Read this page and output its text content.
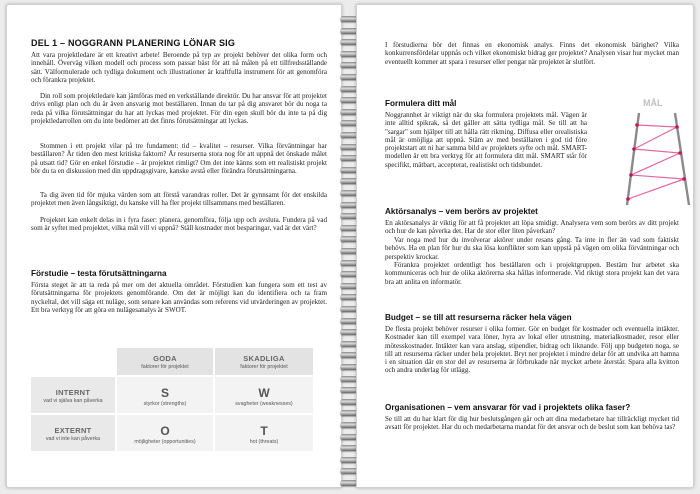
DEL 1 – NOGGRANN PLANERING LÖNAR SIG

Att vara projektledare är ett kreativt arbete! Beroende på typ av projekt behöver det olika form och innehåll. Överväg vilken modell och process som passar bäst för att nå målen på ett tillfredsställande sätt. Välformulerade och tydliga dokument och illustrationer är kraftfulla instrument för att genomföra och förankra projektet.

Din roll som projektledare kan jämföras med en verkställande direktör. Du har ansvar för att projektet drivs enligt plan och du är även ansvarig mot beställaren. Innan du tar på dig ansvaret bör du noga ta reda på vilka förutsättningar du har att lyckas med projektet. För din egen skull bör du inte ta på dig projektledarrollen om du inte bedömer att det finns förutsättningar att lyckas.

Stommen i ett projekt vilar på tre fundament: tid – kvalitet – resurser. Vilka förväntningar har beställaren? Är tiden den mest kritiska faktorn? Är resurserna stora nog för att uppnå det önskade målet på utsatt tid? Gör en enkel förstudie – är projektet rimligt? Om det inte känns som ett realistiskt projekt bör du ta en diskussion med din uppdragsgivare, kanske avstå eller förändra förutsättningarna.

Ta dig även tid för mjuka värden som att förstå varandras roller. Det är gynnsamt för det enskilda projektet men även långsiktigt, du kanske vill ha fler projekt tillsammans med beställaren.

Projektet kan enkelt delas in i fyra faser: planera, genomföra, följa upp och avsluta. Fundera på vad som är syftet med projektet, vilka mål vill vi uppnå? Ställ kostnader mot besparingar, vad är det värt?

Förstudie – testa förutsättningarna

Första steget är att ta reda på mer om det aktuella området. Förstudien kan fungera som ett test av förutsättningarna för projektets genomförande. Om det är möjligt kan du identifiera och ta fram nyckeltal, det vill säga ett nuläge, som senare kan användas som referens vid utvärderingen av projektet. Ett bra verktyg för att göra en nulägesanalys är SWOT.

GODA
faktorer för projektet
SKADLIGA
faktorer för projektet
INTERNT
vad vi själva kan påverka
S
styrkor (strengths)
W
svagheter (weaknesses)
EXTERNT
vad vi inte kan påverka
O
möjligheter (opportunities)
T
hot (threats)

I förstudierna bör det finnas en ekonomisk analys. Finns det ekonomisk bärighet? Vilka konkurrensfördelar uppnås och vilket ekonomiskt bidrag ger projektet? Analysen visar hur mycket man eventuellt kommer att spara i resurser eller pengar när projektet är slutfört.

Formulera ditt mål

Noggrannhet är viktigt när du ska formulera projektets mål. Vägen är inte alltid spikrak, så det gäller att sätta tydliga mål. Se till att ha "sargar" som hjälper till att hålla rätt riktning. Diffusa eller orealistiska mål är omöjliga att uppnå. Stäm av med beställaren i god tid före projektstart att ni har samma bild av projektets syfte och mål. SMART-modellen är ett bra verktyg för att formulera ditt mål. SMART står för specifikt, mätbart, accepterat, realistiskt och tidsbundet.

MÅL
Aktörsanalys – vem berörs av projektet

En aktörsanalys är viktig för att få projektet att löpa smidigt. Analysera vem som berörs av ditt projekt och hur de kan påverka det. Har de stor eller liten påverkan?

Var noga med hur du involverar aktörer under resans gång. Ta inte in fler än vad som faktiskt behövs. Ha en plan för hur du ska lösa konflikter som kan uppstå på vägen om olika förväntningar och perspektiv krockar.

Förankra projektet ordentligt hos beställaren och i projektgruppen. Bestäm hur arbetet ska kommuniceras och hur de olika aktörerna ska hållas informerade. Vid riktigt stora projekt kan det vara bra att anlita en informatör.

Budget – se till att resurserna räcker hela vägen

De flesta projekt behöver resurser i olika former. Gör en budget för kostnader och eventuella intäkter. Kostnader kan till exempel vara löner, hyra av lokal eller utrustning, materialkostnader, resor eller mötesskostnader. Intäkter kan vara anslag, stipendier, bidrag och liknande. Följ upp budgeten noga, se till att resurserna räcker under hela projektet. Bryt ner projektet i mindre delar för att undvika att hamna i en situation där en stor del av resurserna är förbrukade när mycket arbete återstår. Spara alla kvitton och andra underlag för utlägg.

Organisationen – vem ansvarar för vad i projektets olika faser?

Se till att du har klart för dig hur beslutsgången går och att dina medarbetare har tillräckligt mycket tid avsatt för projektet. Har du och medarbetarna mandat för det ansvar och de beslut som kan behöva tas?
